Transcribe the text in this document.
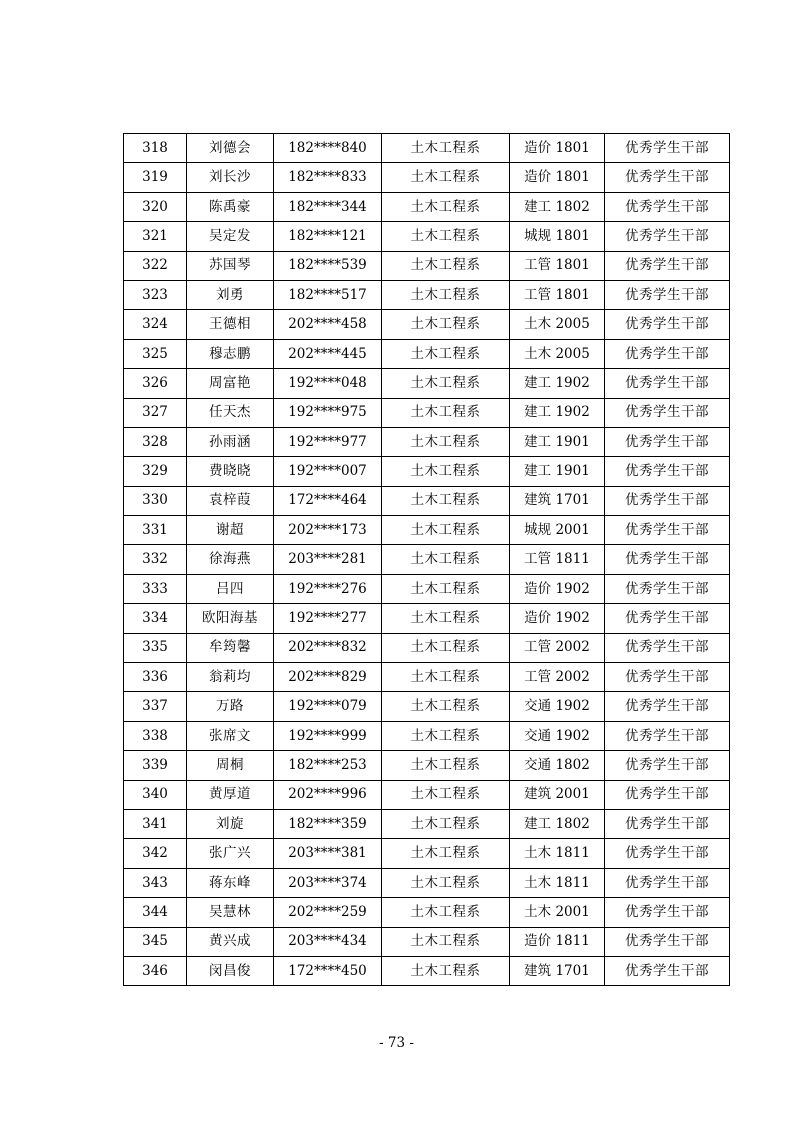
318	刘德会	182****840	土木工程系	造价 1801	优秀学生干部
319	刘长沙	182****833	土木工程系	造价 1801	优秀学生干部
320	陈禹豪	182****344	土木工程系	建工 1802	优秀学生干部
321	吴定发	182****121	土木工程系	城规 1801	优秀学生干部
322	苏国琴	182****539	土木工程系	工管 1801	优秀学生干部
323	刘勇	182****517	土木工程系	工管 1801	优秀学生干部
324	王德相	202****458	土木工程系	土木 2005	优秀学生干部
325	穆志鹏	202****445	土木工程系	土木 2005	优秀学生干部
326	周富艳	192****048	土木工程系	建工 1902	优秀学生干部
327	任天杰	192****975	土木工程系	建工 1902	优秀学生干部
328	孙雨涵	192****977	土木工程系	建工 1901	优秀学生干部
329	费晓晓	192****007	土木工程系	建工 1901	优秀学生干部
330	袁梓葭	172****464	土木工程系	建筑 1701	优秀学生干部
331	谢超	202****173	土木工程系	城规 2001	优秀学生干部
332	徐海燕	203****281	土木工程系	工管 1811	优秀学生干部
333	吕四	192****276	土木工程系	造价 1902	优秀学生干部
334	欧阳海基	192****277	土木工程系	造价 1902	优秀学生干部
335	牟筠馨	202****832	土木工程系	工管 2002	优秀学生干部
336	翁莉均	202****829	土木工程系	工管 2002	优秀学生干部
337	万路	192****079	土木工程系	交通 1902	优秀学生干部
338	张席文	192****999	土木工程系	交通 1902	优秀学生干部
339	周桐	182****253	土木工程系	交通 1802	优秀学生干部
340	黄厚道	202****996	土木工程系	建筑 2001	优秀学生干部
341	刘旋	182****359	土木工程系	建工 1802	优秀学生干部
342	张广兴	203****381	土木工程系	土木 1811	优秀学生干部
343	蒋东峰	203****374	土木工程系	土木 1811	优秀学生干部
344	吴慧林	202****259	土木工程系	土木 2001	优秀学生干部
345	黄兴成	203****434	土木工程系	造价 1811	优秀学生干部
346	闵昌俊	172****450	土木工程系	建筑 1701	优秀学生干部
- 73 -
